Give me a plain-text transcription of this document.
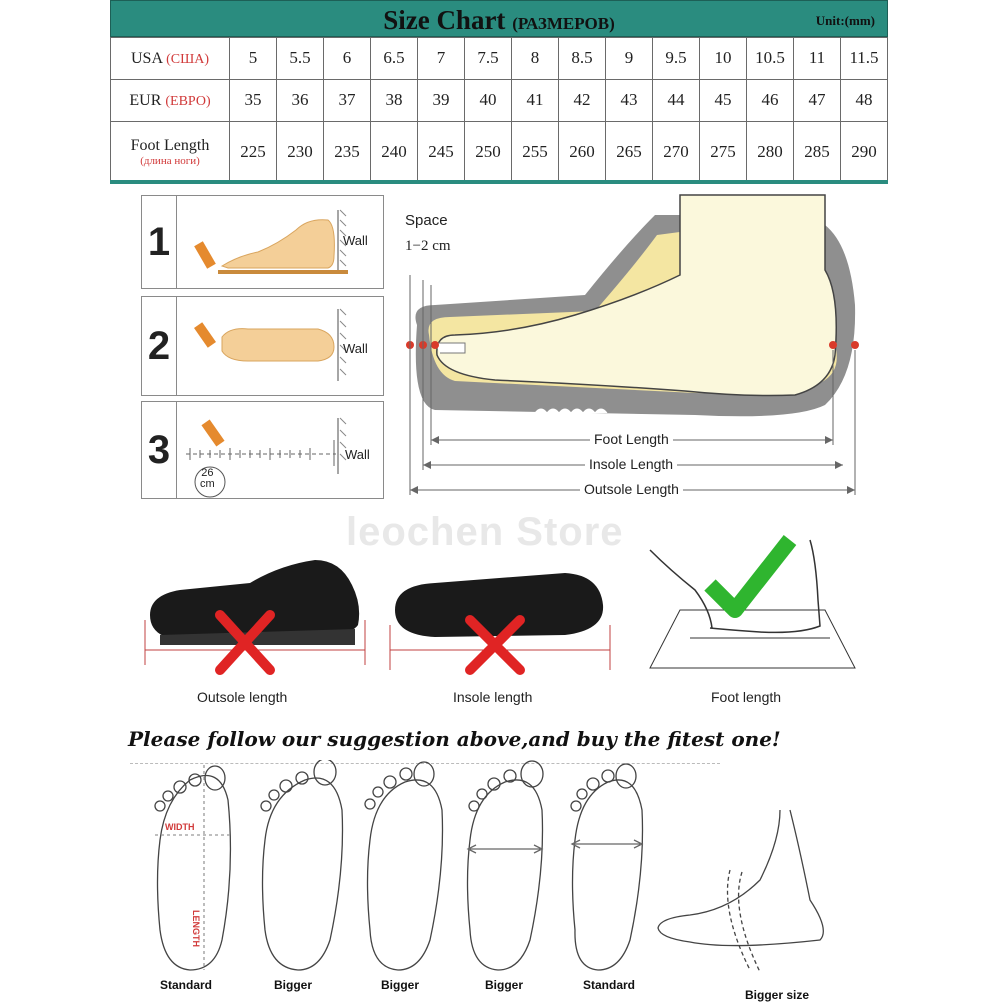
Size Chart (РАЗМЕРОВ)	Unit:(mm)
USA (США)	5	5.5	6	6.5	7	7.5	8	8.5	9	9.5	10	10.5	11	11.5
EUR (ЕВРО)	35	36	37	38	39	40	41	42	43	44	45	46	47	48
Foot Length
(длина ноги)	225	230	235	240	245	250	255	260	265	270	275	280	285	290
1	Wall
2	Wall
3
26
cm
Wall
Space
1−2 cm
Foot Length
Insole Length
Outsole Length
leochen Store
Outsole length	Insole length	Foot length
Please follow our suggestion above,and buy the fitest one!
WIDTH
LENGTH
Standard	Bigger	Bigger	Bigger	Standard
Bigger size
